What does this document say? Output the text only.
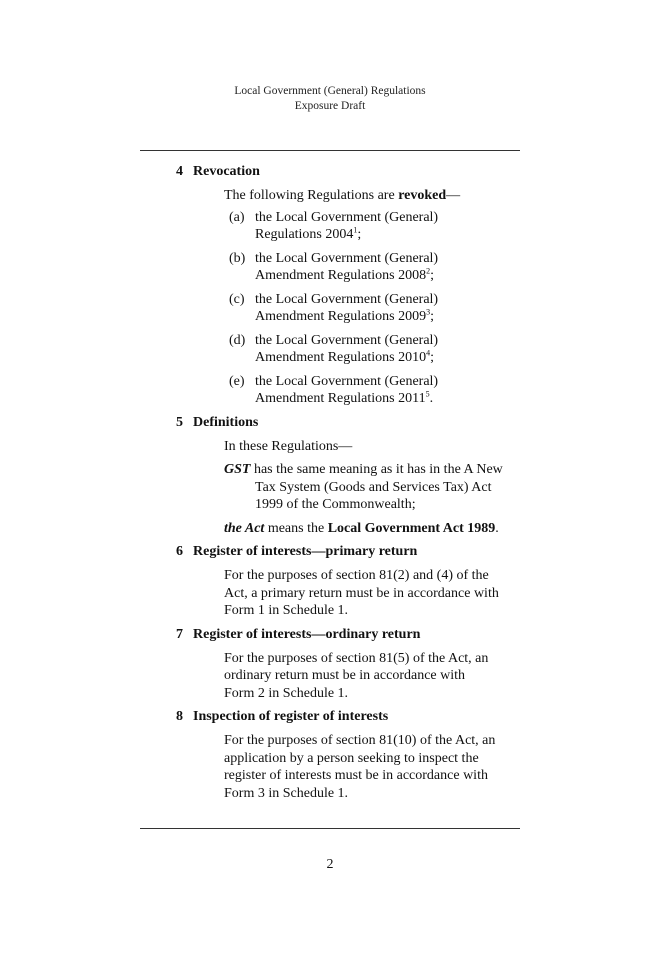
Local Government (General) Regulations
Exposure Draft
4 Revocation

The following Regulations are revoked—

(a) the Local Government (General)
Regulations 2004$^1$;
(b) the Local Government (General)
Amendment Regulations 2008$^2$;
(c) the Local Government (General)
Amendment Regulations 2009$^3$;
(d) the Local Government (General)
Amendment Regulations 2010$^4$;
(e) the Local Government (General)
Amendment Regulations 2011$^5$.
5 Definitions

In these Regulations—

GST has the same meaning as it has in the A New
Tax System (Goods and Services Tax) Act
1999 of the Commonwealth;

the Act means the Local Government Act 1989.

6 Register of interests—primary return

For the purposes of section 81(2) and (4) of the
Act, a primary return must be in accordance with
Form 1 in Schedule 1.

7 Register of interests—ordinary return

For the purposes of section 81(5) of the Act, an
ordinary return must be in accordance with
Form 2 in Schedule 1.

8 Inspection of register of interests

For the purposes of section 81(10) of the Act, an
application by a person seeking to inspect the
register of interests must be in accordance with
Form 3 in Schedule 1.

2
